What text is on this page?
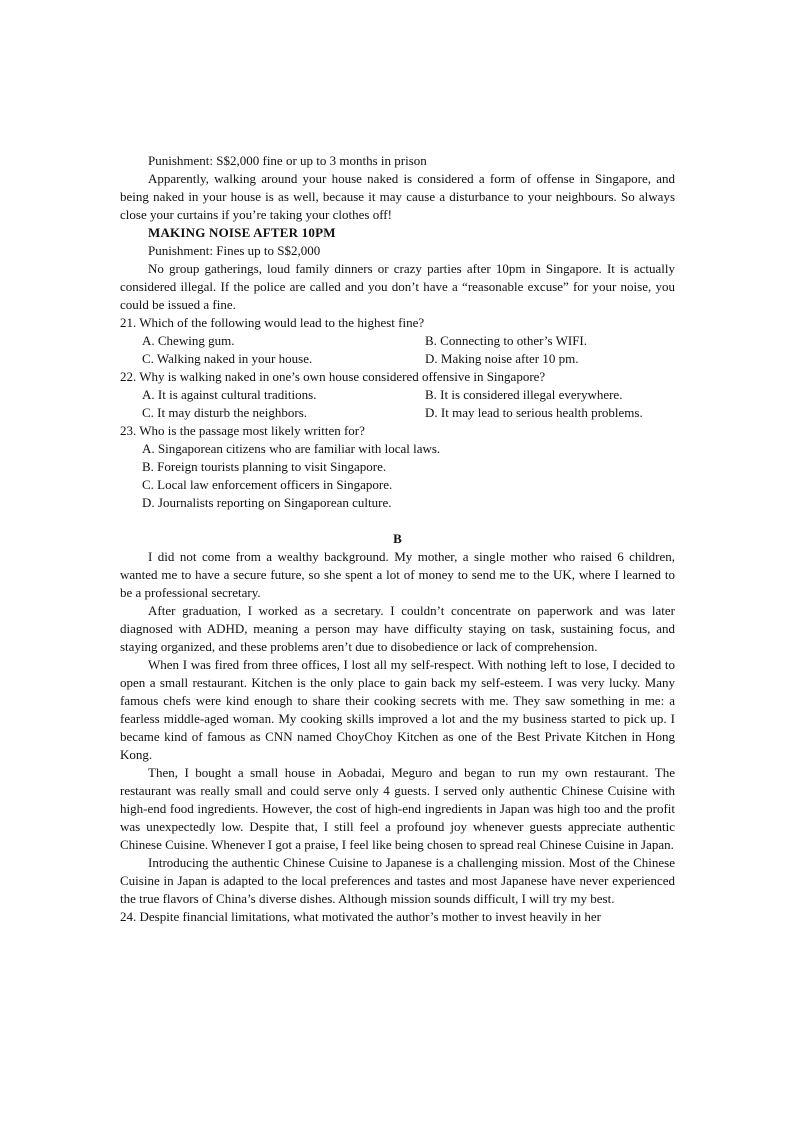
Punishment: S$2,000 fine or up to 3 months in prison

Apparently, walking around your house naked is considered a form of offense in Singapore, and being naked in your house is as well, because it may cause a disturbance to your neighbours. So always close your curtains if you’re taking your clothes off!

MAKING NOISE AFTER 10PM

Punishment: Fines up to S$2,000

No group gatherings, loud family dinners or crazy parties after 10pm in Singapore. It is actually considered illegal. If the police are called and you don’t have a “reasonable excuse” for your noise, you could be issued a fine.

21. Which of the following would lead to the highest fine?

A. Chewing gum.	B. Connecting to other’s WIFI.
C. Walking naked in your house.	D. Making noise after 10 pm.

22. Why is walking naked in one’s own house considered offensive in Singapore?

A. It is against cultural traditions.	B. It is considered illegal everywhere.
C. It may disturb the neighbors.	D. It may lead to serious health problems.

23. Who is the passage most likely written for?

A. Singaporean citizens who are familiar with local laws.

B. Foreign tourists planning to visit Singapore.

C. Local law enforcement officers in Singapore.

D. Journalists reporting on Singaporean culture.

B

I did not come from a wealthy background. My mother, a single mother who raised 6 children, wanted me to have a secure future, so she spent a lot of money to send me to the UK, where I learned to be a professional secretary.

After graduation, I worked as a secretary. I couldn’t concentrate on paperwork and was later diagnosed with ADHD, meaning a person may have difficulty staying on task, sustaining focus, and staying organized, and these problems aren’t due to disobedience or lack of comprehension.

When I was fired from three offices, I lost all my self-respect. With nothing left to lose, I decided to open a small restaurant. Kitchen is the only place to gain back my self-esteem. I was very lucky. Many famous chefs were kind enough to share their cooking secrets with me. They saw something in me: a fearless middle-aged woman. My cooking skills improved a lot and the my business started to pick up. I became kind of famous as CNN named ChoyChoy Kitchen as one of the Best Private Kitchen in Hong Kong.

Then, I bought a small house in Aobadai, Meguro and began to run my own restaurant. The restaurant was really small and could serve only 4 guests. I served only authentic Chinese Cuisine with high-end food ingredients. However, the cost of high-end ingredients in Japan was high too and the profit was unexpectedly low. Despite that, I still feel a profound joy whenever guests appreciate authentic Chinese Cuisine. Whenever I got a praise, I feel like being chosen to spread real Chinese Cuisine in Japan.

Introducing the authentic Chinese Cuisine to Japanese is a challenging mission. Most of the Chinese Cuisine in Japan is adapted to the local preferences and tastes and most Japanese have never experienced the true flavors of China’s diverse dishes. Although mission sounds difficult, I will try my best.

24. Despite financial limitations, what motivated the author’s mother to invest heavily in her
